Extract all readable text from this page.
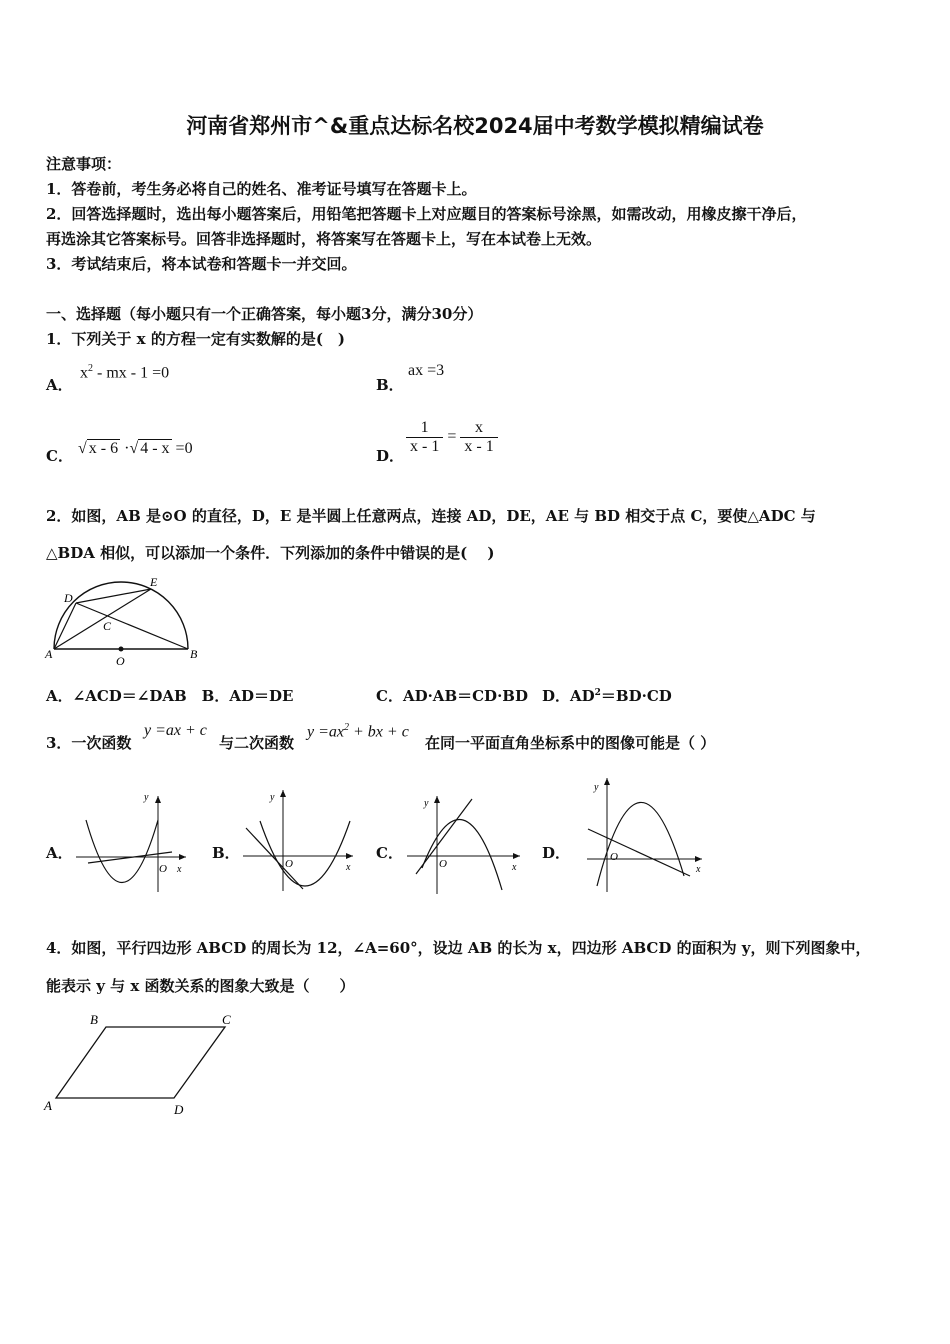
河南省郑州市^&重点达标名校2024届中考数学模拟精编试卷
注意事项：
1．答卷前，考生务必将自己的姓名、准考证号填写在答题卡上。
2．回答选择题时，选出每小题答案后，用铅笔把答题卡上对应题目的答案标号涂黑，如需改动，用橡皮擦干净后，
再选涂其它答案标号。回答非选择题时，将答案写在答题卡上，写在本试卷上无效。
3．考试结束后，将本试卷和答题卡一并交回。
一、选择题（每小题只有一个正确答案，每小题3分，满分30分）
1．下列关于 x 的方程一定有实数解的是(　)
A．
$x^2$ - mx - 1 =0
B．
ax =3
C． √ x - 6 ·√ 4 - x =0	D． $\frac{1}{x - 1} = \frac{x}{x - 1}$
2．如图，AB 是⊙O 的直径，D，E 是半圆上任意两点，连接 AD，DE，AE 与 BD 相交于点 C，要使△ADC 与
△BDA 相似，可以添加一个条件．下列添加的条件中错误的是(　 )
A	B
C
D
E
O
A．∠ACD＝∠DAB　B．AD＝DE	C．AD·AB＝CD·BD D．$AD^2=BD\cdot CD$
3．一次函数
y =ax + c
与二次函数
$y =ax^2$ + bx + c
在同一平面直角坐标系中的图像可能是（ ）
A．	B．	C．	D．
y
x
O
y
x
O
y
x
O
y
x
O
4．如图，平行四边形 ABCD 的周长为 12，∠A=60°，设边 AB 的长为 x，四边形 ABCD 的面积为 y，则下列图象中，
能表示 y 与 x 函数关系的图象大致是（　　）
A
B	C
D
